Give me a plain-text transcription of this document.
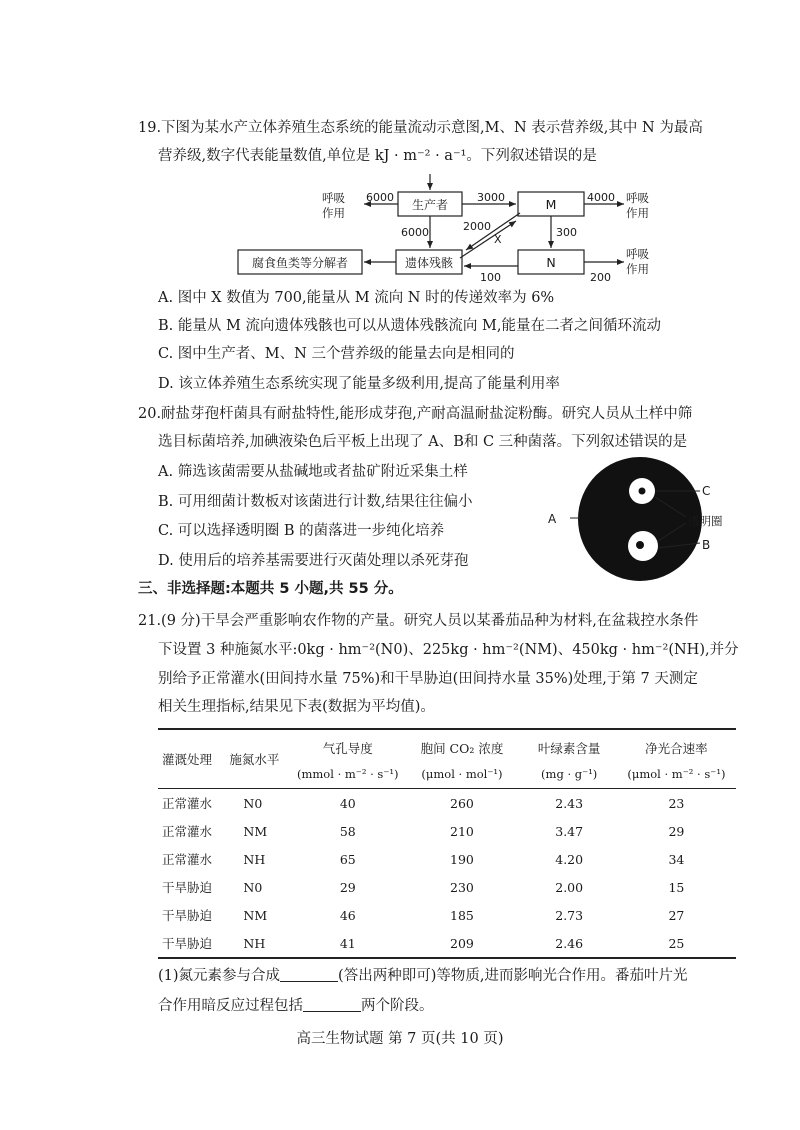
19.下图为某水产立体养殖生态系统的能量流动示意图,M、N 表示营养级,其中 N 为最高
营养级,数字代表能量数值,单位是 kJ · m⁻² · a⁻¹。下列叙述错误的是
生产者	M
N
遗体残骸
腐食鱼类等分解者
呼吸
作用
呼吸
作用
呼吸
作用
6000	3000	4000
6000	2000
X
300
100	200
A. 图中 X 数值为 700,能量从 M 流向 N 时的传递效率为 6%
B. 能量从 M 流向遗体残骸也可以从遗体残骸流向 M,能量在二者之间循环流动
C. 图中生产者、M、N 三个营养级的能量去向是相同的
D. 该立体养殖生态系统实现了能量多级利用,提高了能量利用率
20.耐盐芽孢杆菌具有耐盐特性,能形成芽孢,产耐高温耐盐淀粉酶。研究人员从土样中筛
选目标菌培养,加碘液染色后平板上出现了 A、B和 C 三种菌落。下列叙述错误的是
A. 筛选该菌需要从盐碱地或者盐矿附近采集土样
B. 可用细菌计数板对该菌进行计数,结果往往偏小
C. 可以选择透明圈 B 的菌落进一步纯化培养
D. 使用后的培养基需要进行灭菌处理以杀死芽孢
A
C
透明圈
B
三、非选择题:本题共 5 小题,共 55 分。
21.(9 分)干旱会严重影响农作物的产量。研究人员以某番茄品种为材料,在盆栽控水条件
下设置 3 种施氮水平:0kg · hm⁻²(N0)、225kg · hm⁻²(NM)、450kg · hm⁻²(NH),并分
别给予正常灌水(田间持水量 75%)和干旱胁迫(田间持水量 35%)处理,于第 7 天测定
相关生理指标,结果见下表(数据为平均值)。
灌溉处理	施氮水平	气孔导度	胞间 CO₂ 浓度	叶绿素含量	净光合速率
		(mmol · m⁻² · s⁻¹)	(μmol · mol⁻¹)	(mg · g⁻¹)	(μmol · m⁻² · s⁻¹)
正常灌水	N0	40	260	2.43	23
正常灌水	NM	58	210	3.47	29
正常灌水	NH	65	190	4.20	34
干旱胁迫	N0	29	230	2.00	15
干旱胁迫	NM	46	185	2.73	27
干旱胁迫	NH	41	209	2.46	25
(1)氮元素参与合成	(答出两种即可)等物质,进而影响光合作用。番茄叶片光
合作用暗反应过程包括	两个阶段。
高三生物试题 第 7 页(共 10 页)
